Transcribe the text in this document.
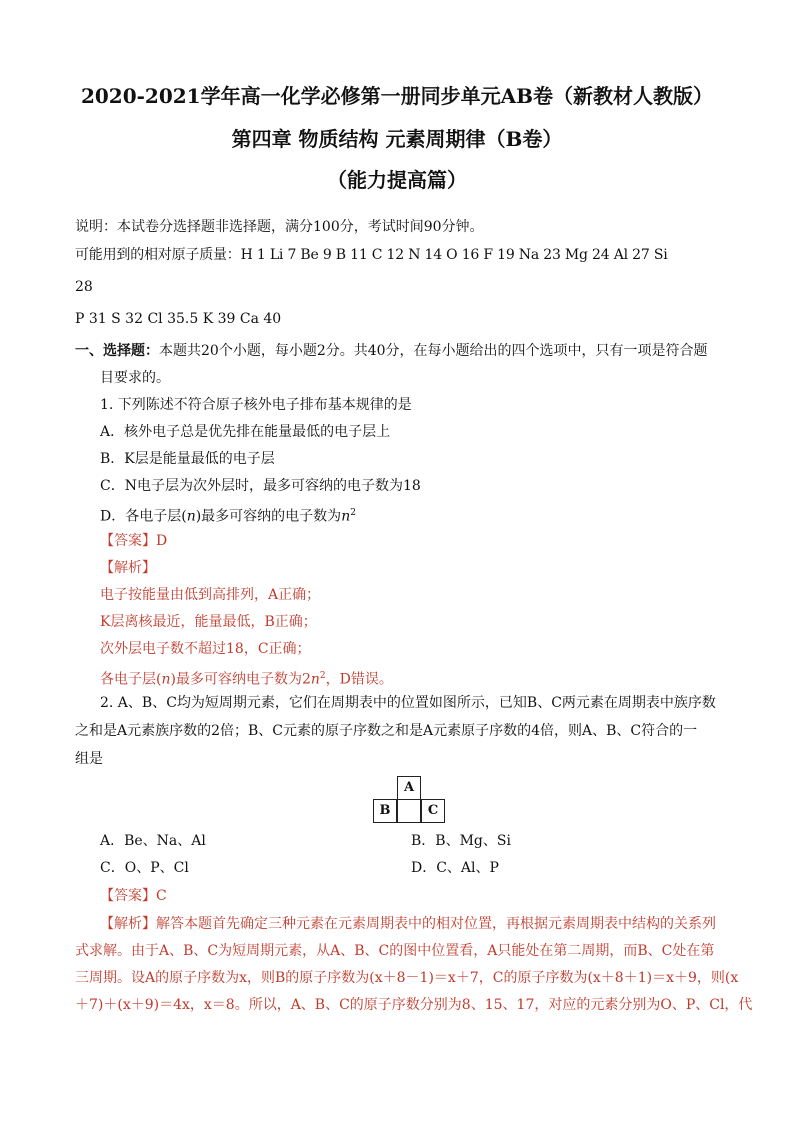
2020-2021学年高一化学必修第一册同步单元AB卷（新教材人教版）
第四章 物质结构 元素周期律（B卷）
（能力提高篇）
说明：本试卷分选择题非选择题，满分100分，考试时间90分钟。
可能用到的相对原子质量：H 1 Li 7 Be 9 B 11 C 12 N 14 O 16 F 19 Na 23 Mg 24 Al 27 Si
28
P 31 S 32 Cl 35.5 K 39 Ca 40
一、选择题：本题共20个小题，每小题2分。共40分，在每小题给出的四个选项中，只有一项是符合题
目要求的。
1. 下列陈述不符合原子核外电子排布基本规律的是
A．核外电子总是优先排在能量最低的电子层上
B．K层是能量最低的电子层
C．N电子层为次外层时，最多可容纳的电子数为18
D．各电子层(n)最多可容纳的电子数为$n^2$
【答案】D
【解析】
电子按能量由低到高排列，A正确；
K层离核最近，能量最低，B正确；
次外层电子数不超过18，C正确；
各电子层(n)最多可容纳电子数为$2n^2$，D错误。
2. A、B、C均为短周期元素，它们在周期表中的位置如图所示，已知B、C两元素在周期表中族序数
之和是A元素族序数的2倍；B、C元素的原子序数之和是A元素原子序数的4倍，则A、B、C符合的一
组是
A
B	C
A．Be、Na、Al	B．B、Mg、Si
C．O、P、Cl	D．C、Al、P
【答案】C
【解析】解答本题首先确定三种元素在元素周期表中的相对位置，再根据元素周期表中结构的关系列
式求解。由于A、B、C为短周期元素，从A、B、C的图中位置看，A只能处在第二周期，而B、C处在第
三周期。设A的原子序数为x，则B的原子序数为(x＋8－1)＝x＋7，C的原子序数为(x＋8＋1)＝x＋9，则(x
＋7)＋(x＋9)＝4x，x＝8。所以，A、B、C的原子序数分别为8、15、17，对应的元素分别为O、P、Cl，代
